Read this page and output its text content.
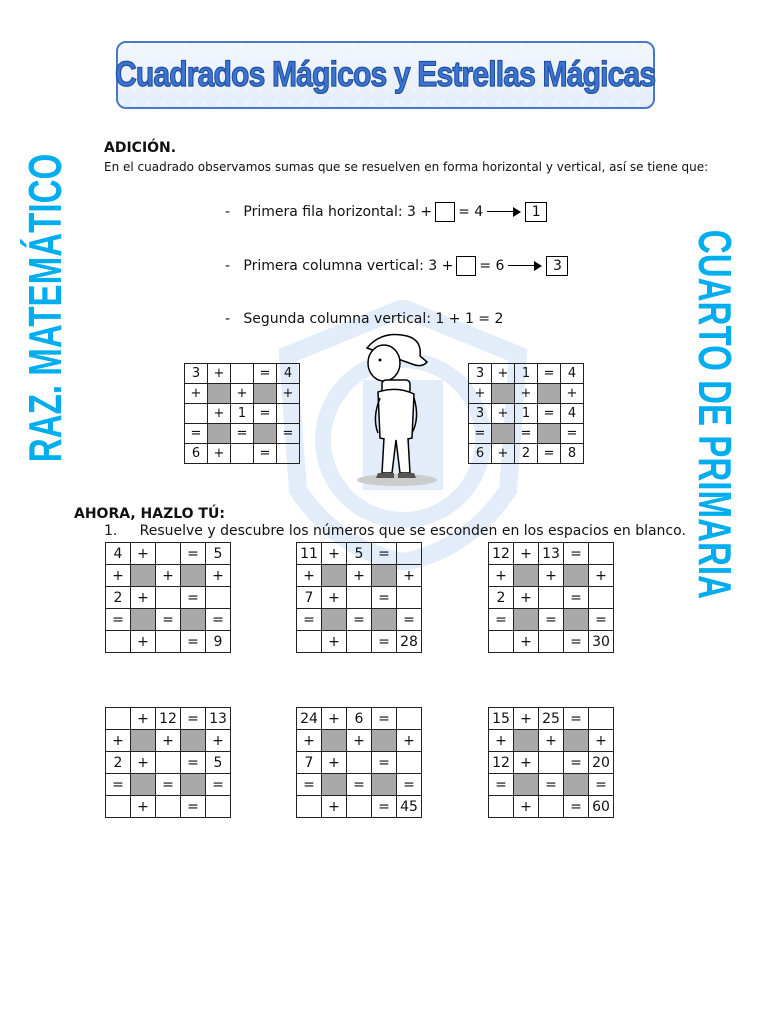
Cuadrados Mágicos y Estrellas Mágicas
RAZ. MATEMÁTICO	CUARTO DE PRIMARIA
ADICIÓN.
En el cuadrado observamos sumas que se resuelven en forma horizontal y vertical, así se tiene que:
-
Primera fila horizontal: 3 + = 4	1
-
Primera columna vertical: 3 + = 6	3
-
Segunda columna vertical: 1 + 1 = 2
3	+		=	4
+		+		+
	+	1	=	
=		=		=
6	+		=	
3	+	1	=	4
+		+		+
3	+	1	=	4
=		=		=
6	+	2	=	8
AHORA, HAZLO TÚ:
1. Resuelve y descubre los números que se esconden en los espacios en blanco.
4	+		=	5
+		+		+
2	+		=	
=		=		=
	+		=	9
11	+	5	=	
+		+		+
7	+		=	
=		=		=
	+		=	28
12	+	13	=	
+		+		+
2	+		=	
=		=		=
	+		=	30
	+	12	=	13
+		+		+
2	+		=	5
=		=		=
	+		=	
24	+	6	=	
+		+		+
7	+		=	
=		=		=
	+		=	45
15	+	25	=	
+		+		+
12	+		=	20
=		=		=
	+		=	60
